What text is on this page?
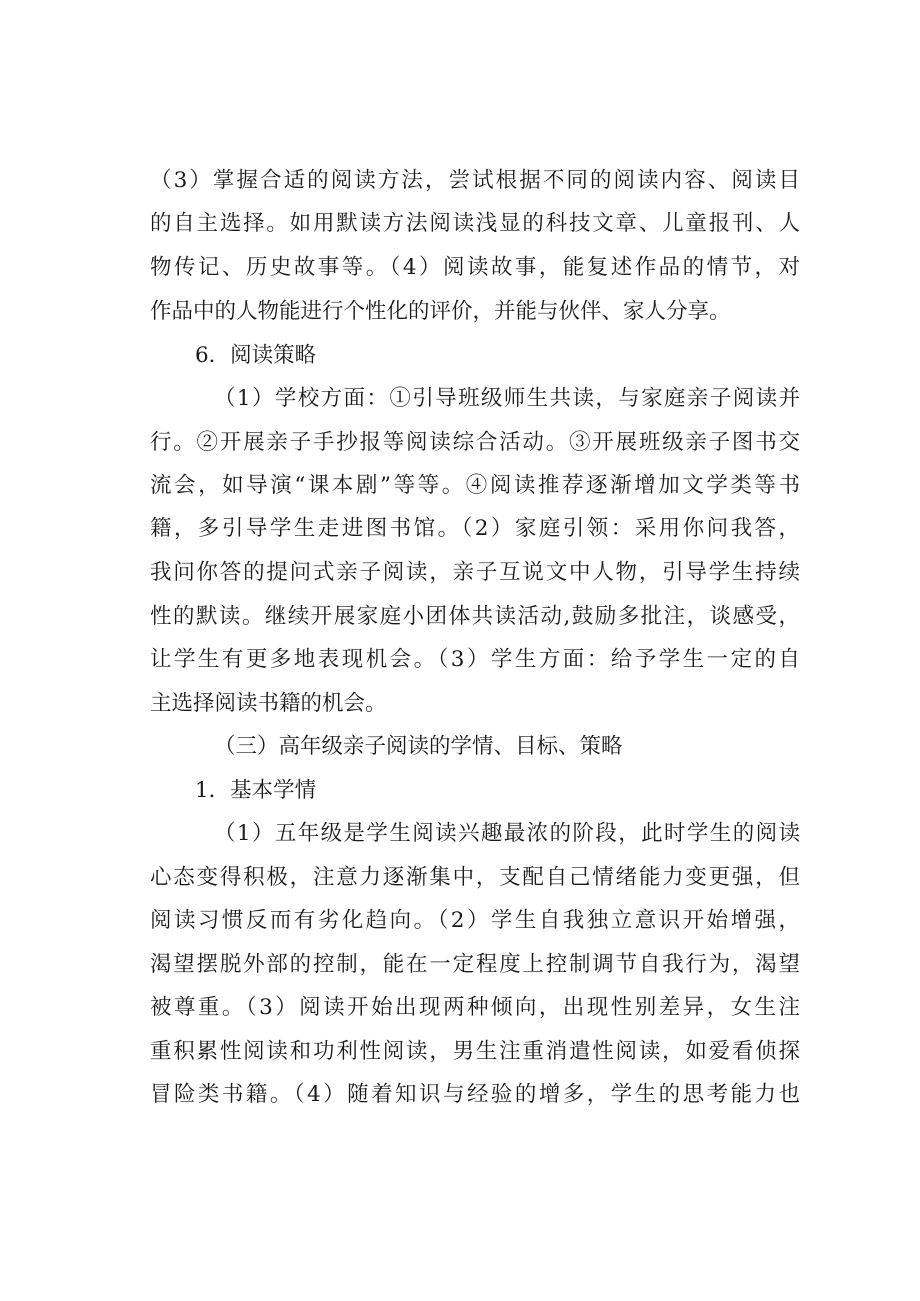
（3）掌握合适的阅读方法，尝试根据不同的阅读内容、阅读目
的自主选择。如用默读方法阅读浅显的科技文章、儿童报刊、人
物传记、历史故事等。（4）阅读故事，能复述作品的情节，对
作品中的人物能进行个性化的评价，并能与伙伴、家人分享。
6．阅读策略
（1）学校方面：①引导班级师生共读，与家庭亲子阅读并
行。②开展亲子手抄报等阅读综合活动。③开展班级亲子图书交
流会，如导演“课本剧”等等。④阅读推荐逐渐增加文学类等书
籍，多引导学生走进图书馆。（2）家庭引领：采用你问我答，
我问你答的提问式亲子阅读，亲子互说文中人物，引导学生持续
性的默读。继续开展家庭小团体共读活动,鼓励多批注，谈感受，
让学生有更多地表现机会。（3）学生方面：给予学生一定的自
主选择阅读书籍的机会。
（三）高年级亲子阅读的学情、目标、策略
1．基本学情
（1）五年级是学生阅读兴趣最浓的阶段，此时学生的阅读
心态变得积极，注意力逐渐集中，支配自己情绪能力变更强，但
阅读习惯反而有劣化趋向。（2）学生自我独立意识开始增强，
渴望摆脱外部的控制，能在一定程度上控制调节自我行为，渴望
被尊重。（3）阅读开始出现两种倾向，出现性别差异，女生注
重积累性阅读和功利性阅读，男生注重消遣性阅读，如爱看侦探
冒险类书籍。（4）随着知识与经验的增多，学生的思考能力也
